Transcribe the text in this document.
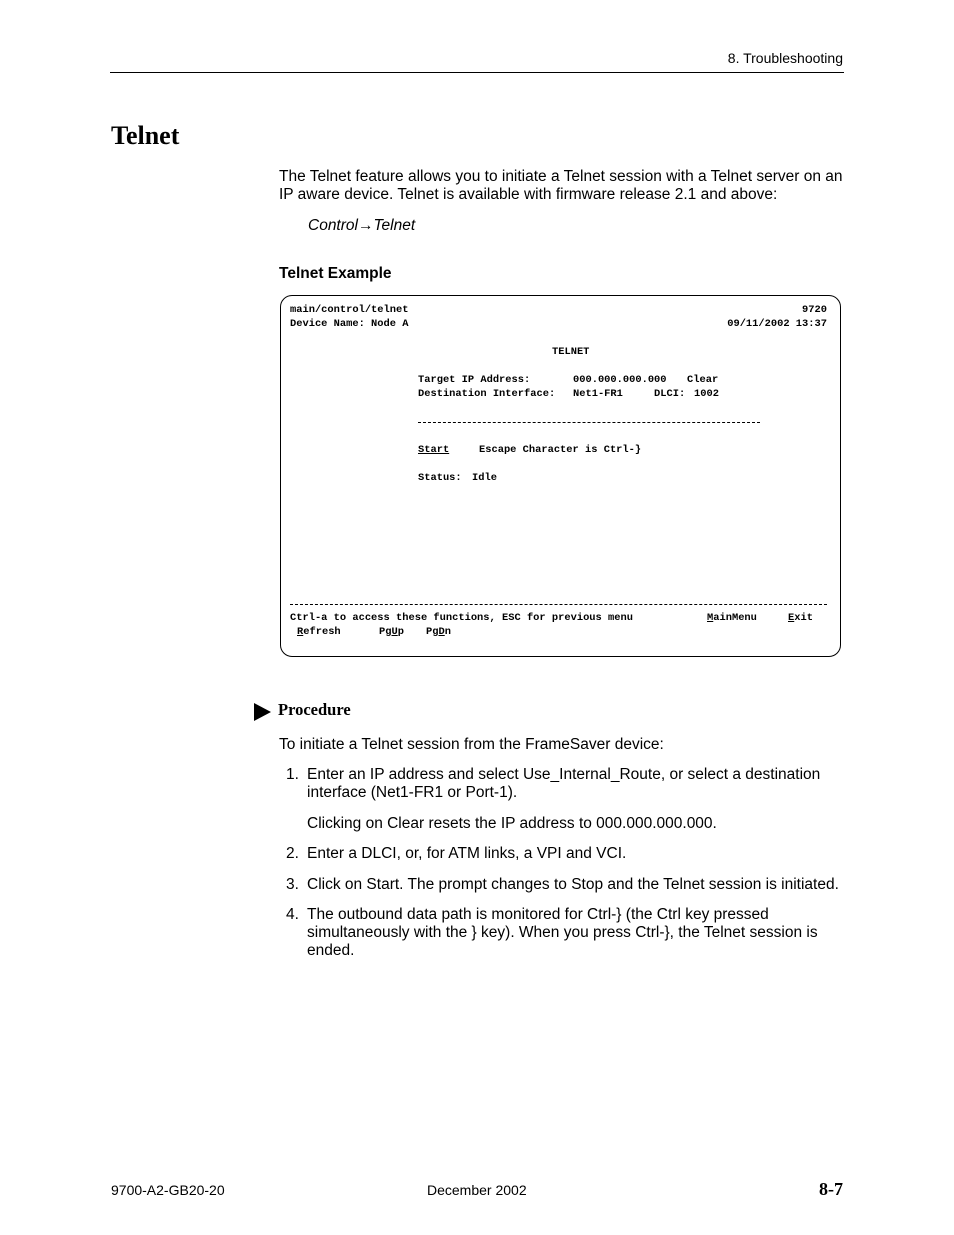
8. Troubleshooting
Telnet

The Telnet feature allows you to initiate a Telnet session with a Telnet server on an IP aware device. Telnet is available with firmware release 2.1 and above:

Control→Telnet
Telnet Example
main/control/telnet	9720
Device Name: Node A	09/11/2002 13:37
TELNET
Target IP Address:	000.000.000.000 Clear
Destination Interface: Net1-FR1	DLCI: 1002
Start	Escape Character is Ctrl-}
Status: Idle
Ctrl-a to access these functions, ESC for previous menu	MainMenu	Exit
Refresh	PgUp PgDn
Procedure

To initiate a Telnet session from the FrameSaver device:

1. Enter an IP address and select Use_Internal_Route, or select a destination interface (Net1-FR1 or Port-1).
Clicking on Clear resets the IP address to 000.000.000.000.
2. Enter a DLCI, or, for ATM links, a VPI and VCI.
3. Click on Start. The prompt changes to Stop and the Telnet session is initiated.
4. The outbound data path is monitored for Ctrl-} (the Ctrl key pressed simultaneously with the } key). When you press Ctrl-}, the Telnet session is ended.
9700-A2-GB20-20	December 2002	8-7
